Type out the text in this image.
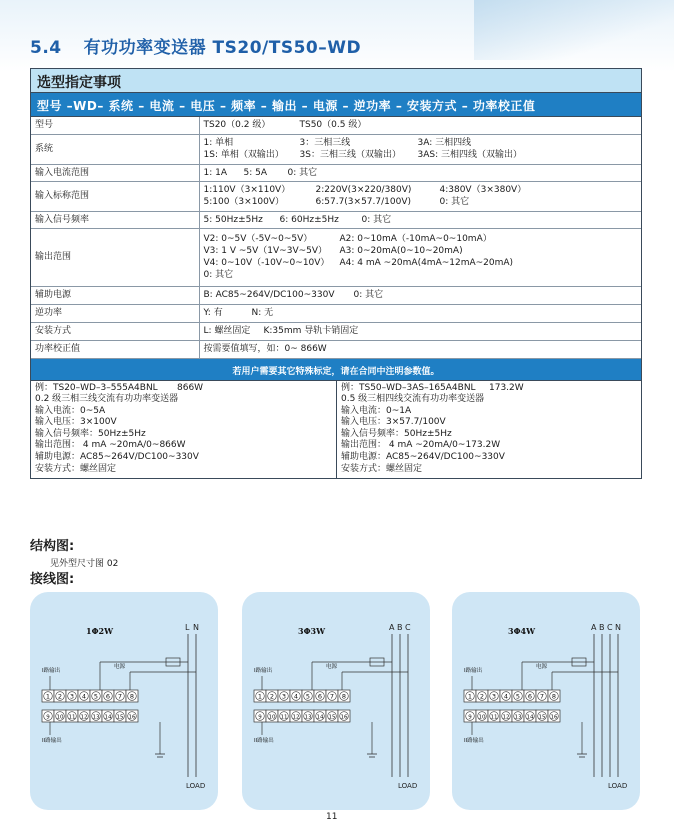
5.4 有功功率变送器 TS20/TS50–WD
选型指定事项
型号 –WD– 系统 – 电流 – 电压 – 频率 – 输出 – 电源 – 逆功率 – 安装方式 – 功率校正值
型号	TS20（0.2 级） TS50（0.5 级）
系统	1: 单相 3：三相三线 3A: 三相四线
1S: 单相（双输出） 3S：三相三线（双输出） 3AS: 三相四线（双输出）

输入电流范围	1: 1A 5: 5A 0: 其它
输入标称范围	1:110V（3×110V） 2:220V(3×220/380V) 4:380V（3×380V）
5:100（3×100V） 6:57.7(3×57.7/100V) 0: 其它

输入信号频率	5: 50Hz±5Hz 6: 60Hz±5Hz 0: 其它
输出范围	V2: 0~5V（-5V~0~5V） A2: 0~10mA（-10mA~0~10mA）
V3: 1 V ~5V（1V~3V~5V） A3: 0~20mA(0~10~20mA)
V4: 0~10V（-10V~0~10V） A4: 4 mA ~20mA(4mA~12mA~20mA)
0: 其它

辅助电源	B: AC85~264V/DC100~330V 0: 其它
逆功率	Y: 有 N: 无
安装方式	L: 螺丝固定 K:35mm 导轨卡销固定
功率校正值	按需要值填写，如：0~ 866W
若用户需要其它特殊标定，请在合同中注明参数值。
例：TS20–WD–3–555A4BNL 866W
0.2 级三相三线交流有功功率变送器
输入电流：0~5A
输入电压：3×100V
输入信号频率：50Hz±5Hz
输出范围： 4 mA ~20mA/0~866W
辅助电源：AC85~264V/DC100~330V
安装方式：螺丝固定
例：TS50–WD–3AS–165A4BNL 173.2W
0.5 级三相四线交流有功功率变送器
输入电流：0~1A
输入电压：3×57.7/100V
输入信号频率：50Hz±5Hz
输出范围： 4 mA ~20mA/0~173.2W
辅助电源：AC85~264V/DC100~330V
安装方式：螺丝固定
结构图:
见外型尺寸图 02
接线图:
L N
1Φ2W
I路输出
电源
II路输出
1 2 3 4 5 6 7 8
9 10 11 12 13 14 15 16
LOAD
A B C
3Φ3W
I路输出
电源
II路输出
1 2 3 4 5 6 7 8
9 10 11 12 13 14 15 16
LOAD
A B C N
3Φ4W
I路输出
电源
II路输出
1 2 3 4 5 6 7 8
9 10 11 12 13 14 15 16
LOAD
11
